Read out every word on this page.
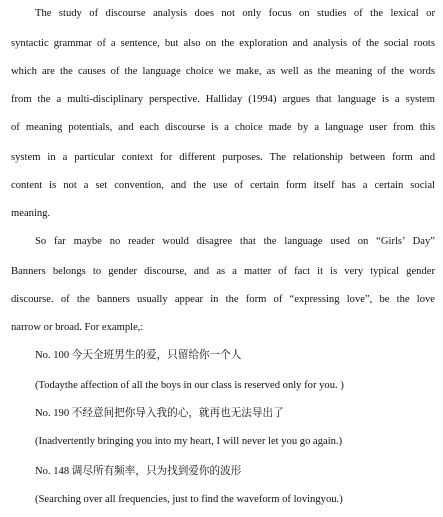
The study of discourse analysis does not only focus on studies of the lexical or
syntactic grammar of a sentence, but also on the exploration and analysis of the social roots
which are the causes of the language choice we make, as well as the meaning of the words
from the a multi-disciplinary perspective. Halliday (1994) argues that language is a system
of meaning potentials, and each discourse is a choice made by a language user from this
system in a particular context for different purposes. The relationship between form and
content is not a set convention, and the use of certain form itself has a certain social
meaning.
So far maybe no reader would disagree that the language used on “Girls’ Day”
Banners belongs to gender discourse, and as a matter of fact it is very typical gender
discourse. of the banners usually appear in the form of “expressing love”, be the love
narrow or broad. For example,:
No. 100 今天全班男生的爱，只留给你一个人
(Todaythe affection of all the boys in our class is reserved only for you. )
No. 190 不经意间把你导入我的心，就再也无法导出了
(Inadvertently bringing you into my heart, I will never let you go again.)
No. 148 调尽所有频率，只为找到爱你的波形
(Searching over all frequencies, just to find the waveform of lovingyou.)
